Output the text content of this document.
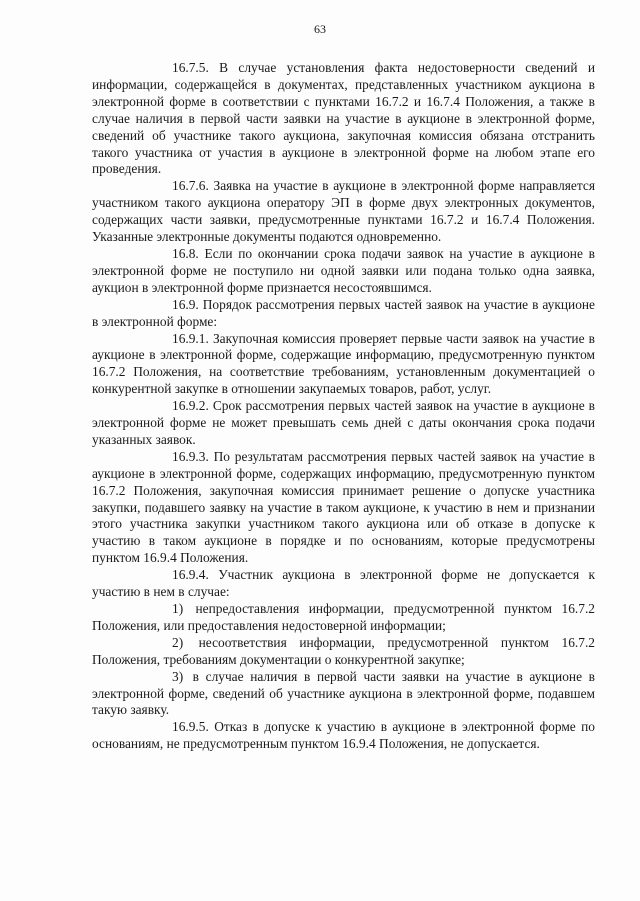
63

16.7.5. В случае установления факта недостоверности сведений и информации, содержащейся в документах, представленных участником аукциона в электронной форме в соответствии с пунктами 16.7.2 и 16.7.4 Положения, а также в случае наличия в первой части заявки на участие в аукционе в электронной форме, сведений об участнике такого аукциона, закупочная комиссия обязана отстранить такого участника от участия в аукционе в электронной форме на любом этапе его проведения.

16.7.6. Заявка на участие в аукционе в электронной форме направляется участником такого аукциона оператору ЭП в форме двух электронных документов, содержащих части заявки, предусмотренные пунктами 16.7.2 и 16.7.4 Положения. Указанные электронные документы подаются одновременно.

16.8. Если по окончании срока подачи заявок на участие в аукционе в электронной форме не поступило ни одной заявки или подана только одна заявка, аукцион в электронной форме признается несостоявшимся.

16.9. Порядок рассмотрения первых частей заявок на участие в аукционе в электронной форме:

16.9.1. Закупочная комиссия проверяет первые части заявок на участие в аукционе в электронной форме, содержащие информацию, предусмотренную пунктом 16.7.2 Положения, на соответствие требованиям, установленным документацией о конкурентной закупке в отношении закупаемых товаров, работ, услуг.

16.9.2. Срок рассмотрения первых частей заявок на участие в аукционе в электронной форме не может превышать семь дней с даты окончания срока подачи указанных заявок.

16.9.3. По результатам рассмотрения первых частей заявок на участие в аукционе в электронной форме, содержащих информацию, предусмотренную пунктом 16.7.2 Положения, закупочная комиссия принимает решение о допуске участника закупки, подавшего заявку на участие в таком аукционе, к участию в нем и признании этого участника закупки участником такого аукциона или об отказе в допуске к участию в таком аукционе в порядке и по основаниям, которые предусмотрены пунктом 16.9.4 Положения.

16.9.4. Участник аукциона в электронной форме не допускается к участию в нем в случае:

1) непредоставления информации, предусмотренной пунктом 16.7.2 Положения, или предоставления недостоверной информации;

2) несоответствия информации, предусмотренной пунктом 16.7.2 Положения, требованиям документации о конкурентной закупке;

3) в случае наличия в первой части заявки на участие в аукционе в электронной форме, сведений об участнике аукциона в электронной форме, подавшем такую заявку.

16.9.5. Отказ в допуске к участию в аукционе в электронной форме по основаниям, не предусмотренным пунктом 16.9.4 Положения, не допускается.
